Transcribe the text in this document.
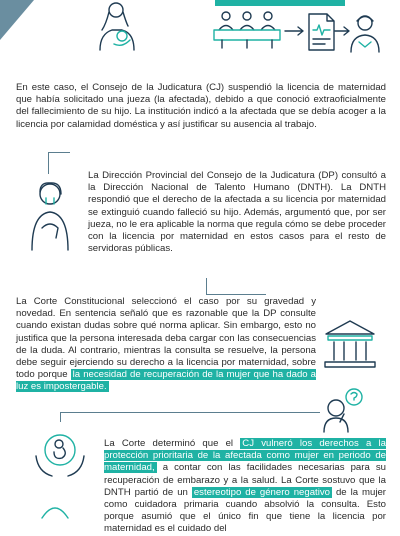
En este caso, el Consejo de la Judicatura (CJ) suspendió la licencia de maternidad que había solicitado una jueza (la afectada), debido a que conoció extraoficialmente del fallecimiento de su hijo. La institución indicó a la afectada que se debía acoger a la licencia por calamidad doméstica y así justificar su ausencia al trabajo.

La Dirección Provincial del Consejo de la Judicatura (DP) consultó a la Dirección Nacional de Talento Humano (DNTH). La DNTH respondió que el derecho de la afectada a su licencia por maternidad se extinguió cuando falleció su hijo. Además, argumentó que, por ser jueza, no le era aplicable la norma que regula cómo se debe proceder con la licencia por maternidad en estos casos para el resto de servidoras públicas.

La Corte Constitucional seleccionó el caso por su gravedad y novedad. En sentencia señaló que es razonable que la DP consulte cuando existan dudas sobre qué norma aplicar. Sin embargo, esto no justifica que la persona interesada deba cargar con las consecuencias de la duda. Al contrario, mientras la consulta se resuelve, la persona debe seguir ejerciendo su derecho a la licencia por maternidad, sobre todo porque la necesidad de recuperación de la mujer que ha dado a luz es impostergable.

La Corte determinó que el CJ vulneró los derechos a la protección prioritaria de la afectada como mujer en periodo de maternidad, a contar con las facilidades necesarias para su recuperación de embarazo y a la salud. La Corte sostuvo que la DNTH partió de un estereotipo de género negativo de la mujer como cuidadora primaria cuando absolvió la consulta. Esto porque asumió que el único fin que tiene la licencia por maternidad es el cuidado del
